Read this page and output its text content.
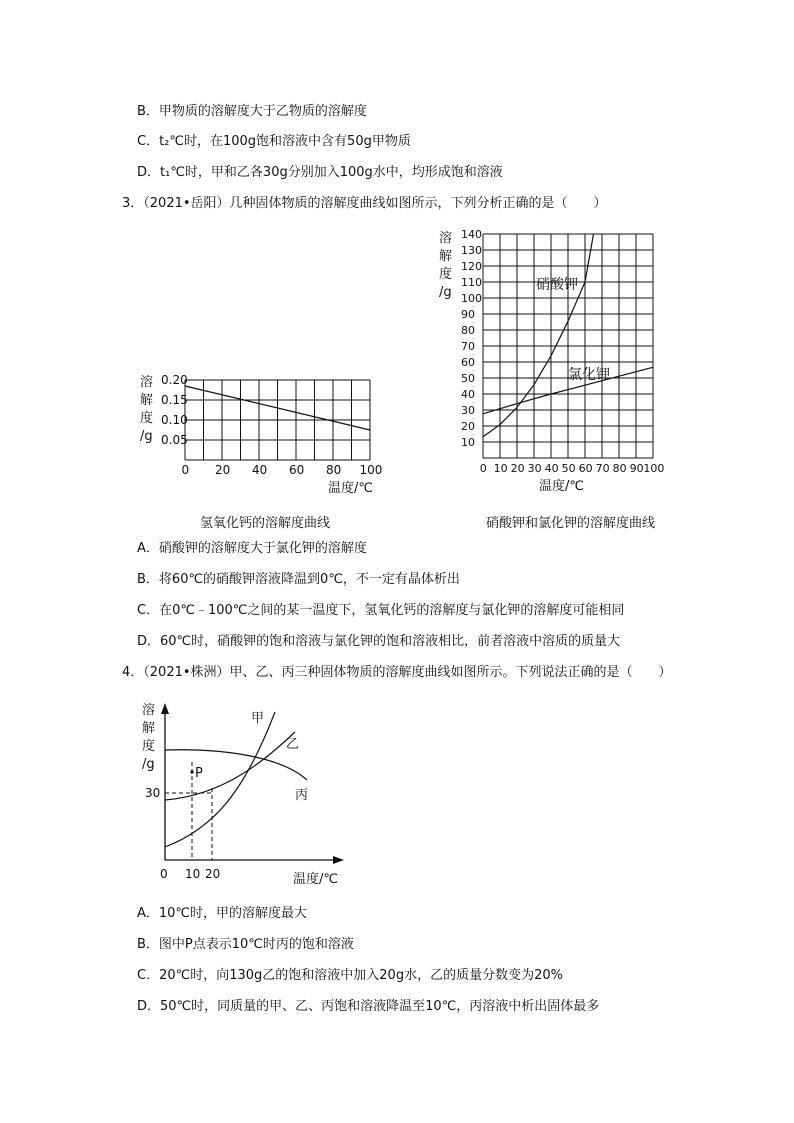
B．甲物质的溶解度大于乙物质的溶解度
C．t₂℃时，在100g饱和溶液中含有50g甲物质
D．t₁℃时，甲和乙各30g分别加入100g水中，均形成饱和溶液
3．（2021•岳阳）几种固体物质的溶解度曲线如图所示，下列分析正确的是（　　）
0.20
0.15
0.10
0.05
0 20 40 60 80 100
溶
解
度
/g
温度/℃
氢氧化钙的溶解度曲线
140
130
120
110
100
90
80
70
60
50
40
30
20
10
0 10 20 30 40 50 60 70 80 90 100
溶
解
度
/g
温度/℃
硝酸钾
氯化钾
硝酸钾和氯化钾的溶解度曲线
A．硝酸钾的溶解度大于氯化钾的溶解度
B．将60℃的硝酸钾溶液降温到0℃，不一定有晶体析出
C．在0℃﹣100℃之间的某一温度下，氢氧化钙的溶解度与氯化钾的溶解度可能相同
D．60℃时，硝酸钾的饱和溶液与氯化钾的饱和溶液相比，前者溶液中溶质的质量大
4．（2021•株洲）甲、乙、丙三种固体物质的溶解度曲线如图所示。下列说法正确的是（　　）
溶
解
度
/g
P
甲
乙
丙
30
0 10 20	温度/℃
A．10℃时，甲的溶解度最大
B．图中P点表示10℃时丙的饱和溶液
C．20℃时，向130g乙的饱和溶液中加入20g水，乙的质量分数变为20%
D．50℃时，同质量的甲、乙、丙饱和溶液降温至10℃，丙溶液中析出固体最多
